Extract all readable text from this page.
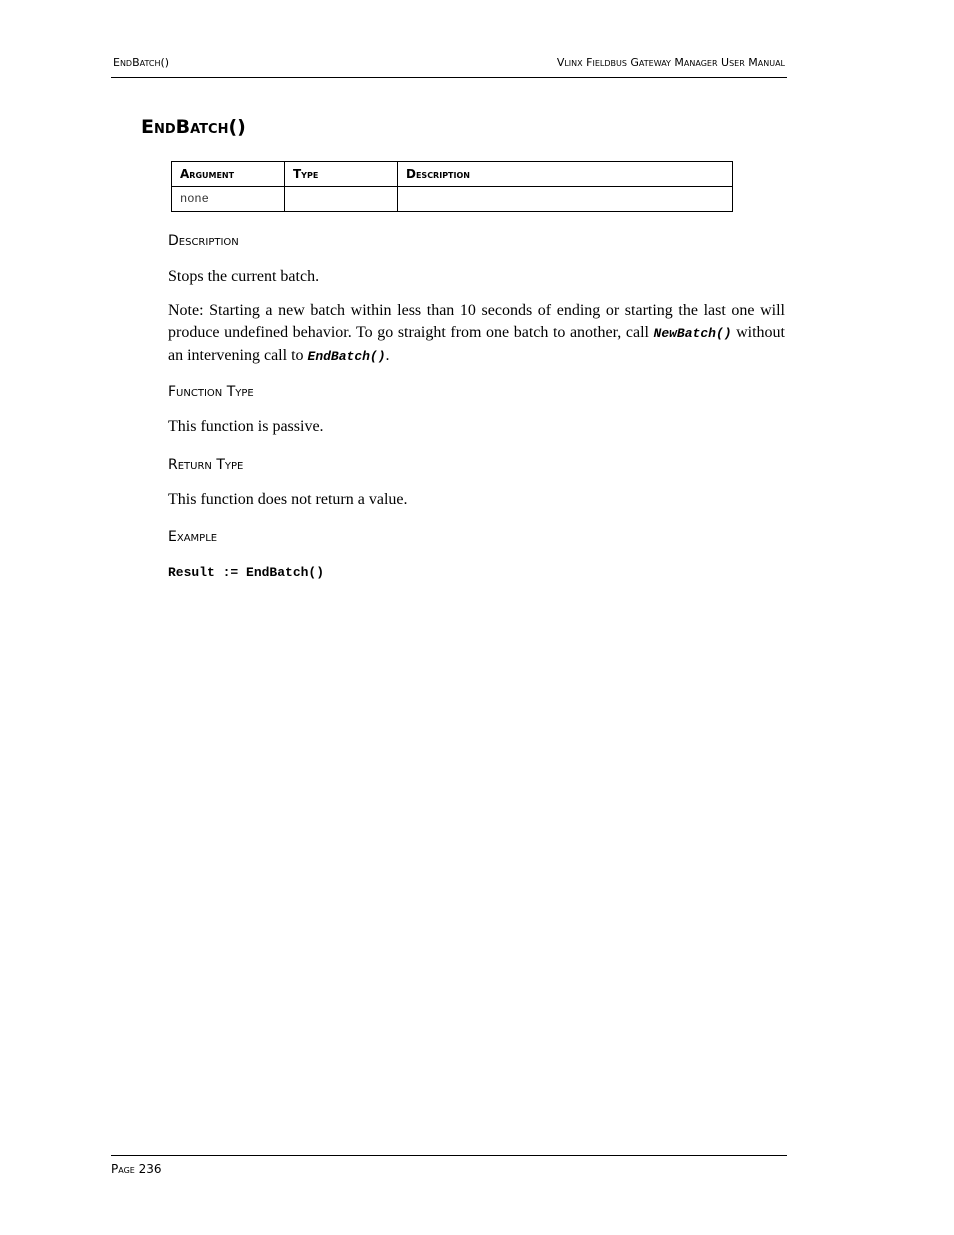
EndBatch()	Vlinx Fieldbus Gateway Manager User Manual
EndBatch()
Argument	Type	Description
none		
Description
Stops the current batch.
Note: Starting a new batch within less than 10 seconds of ending or starting the last one will produce undefined behavior. To go straight from one batch to another, call NewBatch() without an intervening call to EndBatch().
Function Type
This function is passive.
Return Type
This function does not return a value.
Example
Result := EndBatch()
Page 236
